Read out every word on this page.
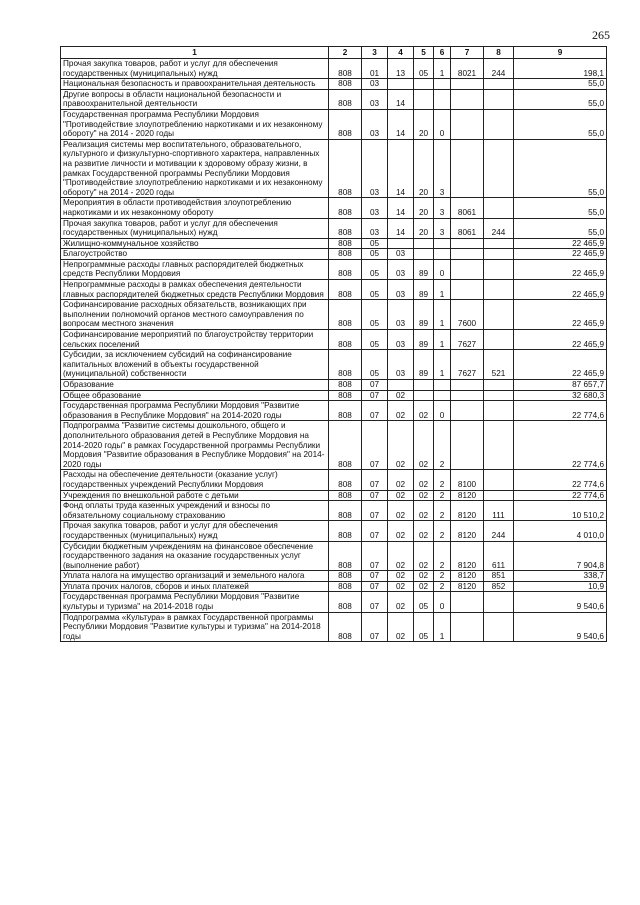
265
1	2	3	4	5	6	7	8	9
Прочая закупка товаров, работ и услуг для обеспечения государственных (муниципальных) нужд	808	01	13	05	1	8021	244	198,1
Национальная безопасность и правоохранительная деятельность	808	03						55,0
Другие вопросы в области национальной безопасности и правоохранительной деятельности	808	03	14					55,0
Государственная программа Республики Мордовия "Противодействие злоупотреблению наркотиками и их незаконному обороту" на 2014 - 2020 годы	808	03	14	20	0			55,0
Реализация системы мер воспитательного, образовательного, культурного и физкультурно-спортивного характера, направленных на развитие личности и мотивации к здоровому образу жизни, в рамках Государственной программы Республики Мордовия "Противодействие злоупотреблению наркотиками и их незаконному обороту" на 2014 - 2020 годы	808	03	14	20	3			55,0
Мероприятия в области противодействия злоупотреблению наркотиками и их незаконному обороту	808	03	14	20	3	8061		55,0
Прочая закупка товаров, работ и услуг для обеспечения государственных (муниципальных) нужд	808	03	14	20	3	8061	244	55,0
Жилищно-коммунальное хозяйство	808	05						22 465,9
Благоустройство	808	05	03					22 465,9
Непрограммные расходы главных распорядителей бюджетных средств Республики Мордовия	808	05	03	89	0			22 465,9
Непрограммные расходы в рамках обеспечения деятельности главных распорядителей бюджетных средств Республики Мордовия	808	05	03	89	1			22 465,9
Софинансирование расходных обязательств, возникающих при выполнении полномочий органов местного самоуправления по вопросам местного значения	808	05	03	89	1	7600		22 465,9
Софинансирование мероприятий по благоустройству территории сельских поселений	808	05	03	89	1	7627		22 465,9
Субсидии, за исключением субсидий на софинансирование капитальных вложений в объекты государственной (муниципальной) собственности	808	05	03	89	1	7627	521	22 465,9
Образование	808	07						87 657,7
Общее образование	808	07	02					32 680,3
Государственная программа Республики Мордовия "Развитие образования в Республике Мордовия" на 2014-2020 годы	808	07	02	02	0			22 774,6
Подпрограмма "Развитие системы дошкольного, общего и дополнительного образования детей в Республике Мордовия на 2014-2020 годы" в рамках Государственной программы Республики Мордовия "Развитие образования в Республике Мордовия" на 2014-2020 годы	808	07	02	02	2			22 774,6
Расходы на обеспечение деятельности (оказание услуг) государственных учреждений Республики Мордовия	808	07	02	02	2	8100		22 774,6
Учреждения по внешкольной работе с детьми	808	07	02	02	2	8120		22 774,6
Фонд оплаты труда казенных учреждений и взносы по обязательному социальному страхованию	808	07	02	02	2	8120	111	10 510,2
Прочая закупка товаров, работ и услуг для обеспечения государственных (муниципальных) нужд	808	07	02	02	2	8120	244	4 010,0
Субсидии бюджетным учреждениям на финансовое обеспечение государственного задания на оказание государственных услуг (выполнение работ)	808	07	02	02	2	8120	611	7 904,8
Уплата налога на имущество организаций и земельного налога	808	07	02	02	2	8120	851	338,7
Уплата прочих налогов, сборов и иных платежей	808	07	02	02	2	8120	852	10,9
Государственная программа Республики Мордовия "Развитие культуры и туризма" на 2014-2018 годы	808	07	02	05	0			9 540,6
Подпрограмма «Культура» в рамках Государственной программы Республики Мордовия "Развитие культуры и туризма" на 2014-2018 годы	808	07	02	05	1			9 540,6
